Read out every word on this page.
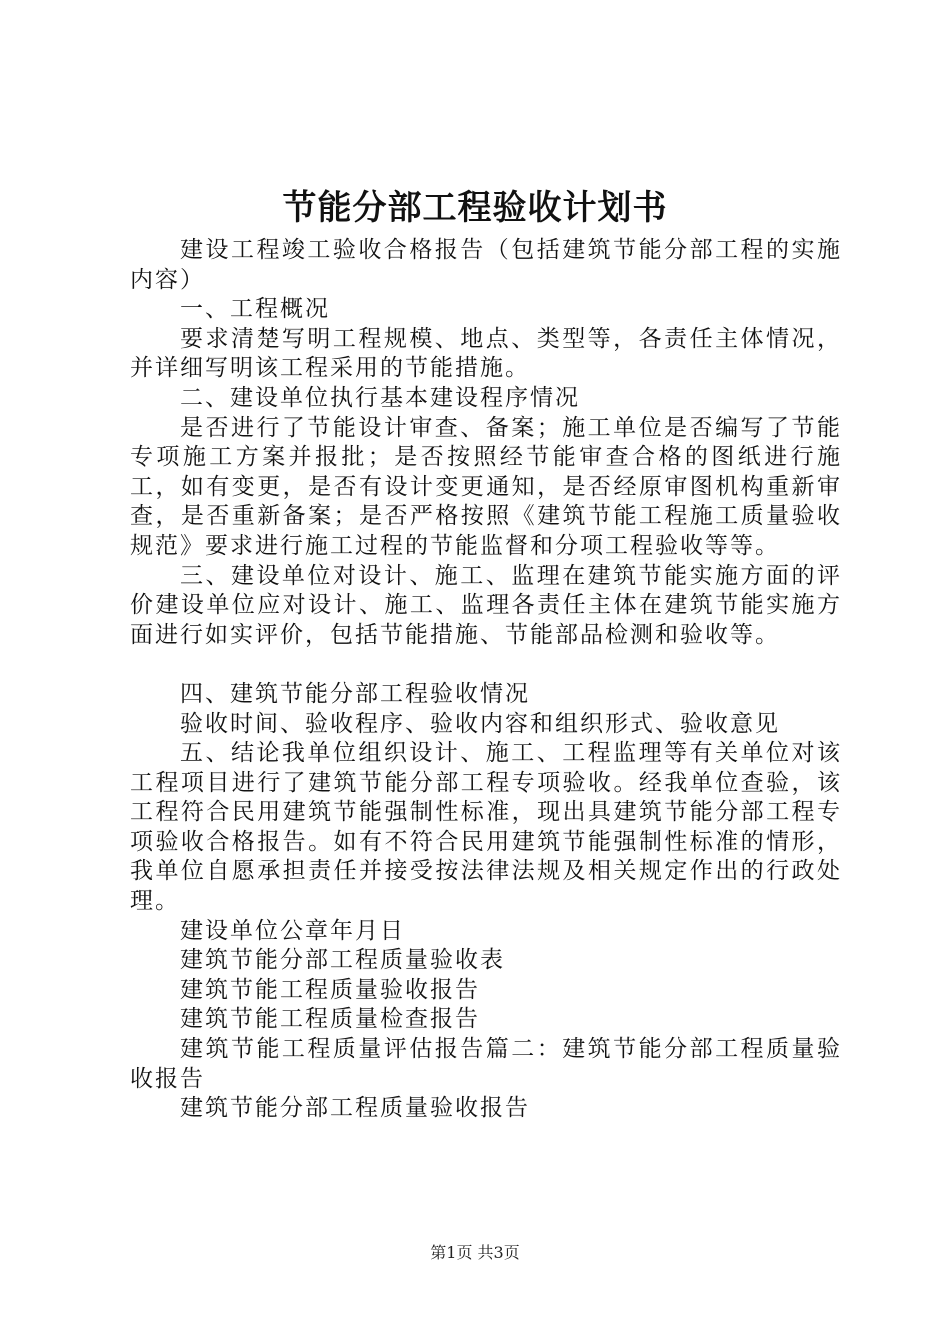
节能分部工程验收计划书

建设工程竣工验收合格报告（包括建筑节能分部工程的实施内容）

一、工程概况

要求清楚写明工程规模、地点、类型等，各责任主体情况，并详细写明该工程采用的节能措施。

二、建设单位执行基本建设程序情况

是否进行了节能设计审查、备案；施工单位是否编写了节能专项施工方案并报批；是否按照经节能审查合格的图纸进行施工，如有变更，是否有设计变更通知，是否经原审图机构重新审查，是否重新备案；是否严格按照《建筑节能工程施工质量验收规范》要求进行施工过程的节能监督和分项工程验收等等。

三、建设单位对设计、施工、监理在建筑节能实施方面的评价建设单位应对设计、施工、监理各责任主体在建筑节能实施方面进行如实评价，包括节能措施、节能部品检测和验收等。

四、建筑节能分部工程验收情况

验收时间、验收程序、验收内容和组织形式、验收意见

五、结论我单位组织设计、施工、工程监理等有关单位对该工程项目进行了建筑节能分部工程专项验收。经我单位查验，该工程符合民用建筑节能强制性标准，现出具建筑节能分部工程专项验收合格报告。如有不符合民用建筑节能强制性标准的情形，我单位自愿承担责任并接受按法律法规及相关规定作出的行政处理。

建设单位公章年月日

建筑节能分部工程质量验收表

建筑节能工程质量验收报告

建筑节能工程质量检查报告

建筑节能工程质量评估报告篇二：建筑节能分部工程质量验收报告

建筑节能分部工程质量验收报告

第1页 共3页
